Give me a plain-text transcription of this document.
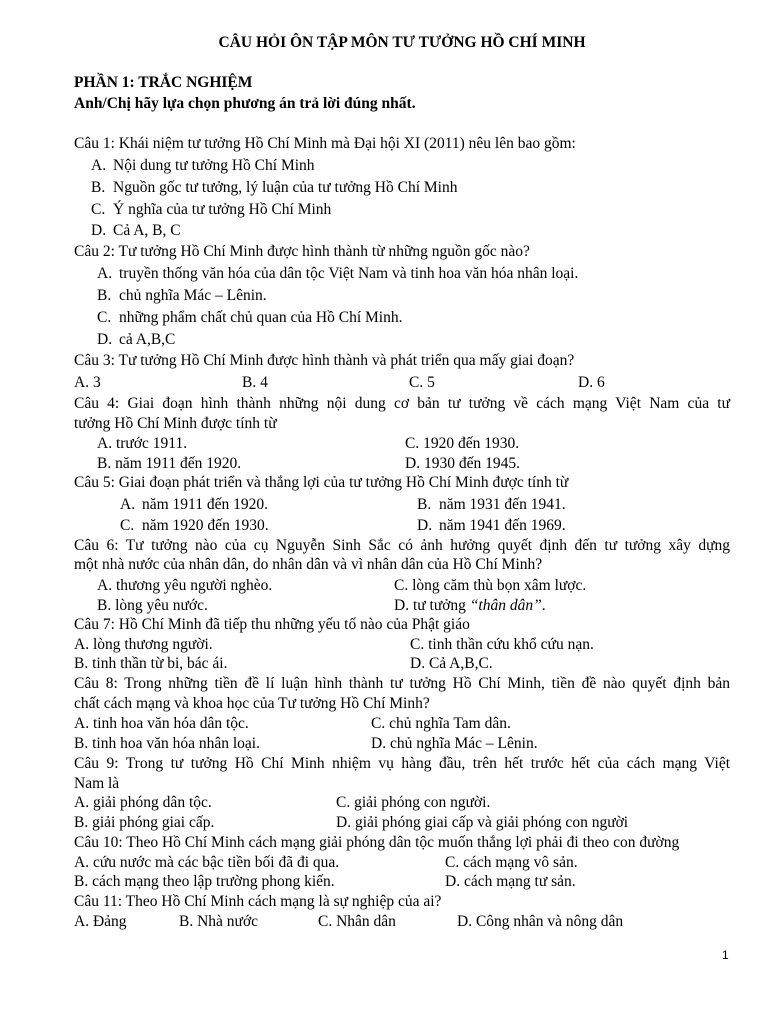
CÂU HỎI ÔN TẬP MÔN TƯ TƯỞNG HỒ CHÍ MINH
PHẦN 1: TRẮC NGHIỆM
Anh/Chị hãy lựa chọn phương án trả lời đúng nhất.
Câu 1: Khái niệm tư tưởng Hồ Chí Minh mà Đại hội XI (2011) nêu lên bao gồm:
A. Nội dung tư tưởng Hồ Chí Minh
B. Nguồn gốc tư tưởng, lý luận của tư tưởng Hồ Chí Minh
C. Ý nghĩa của tư tưởng Hồ Chí Minh
D. Cả A, B, C
Câu 2: Tư tưởng Hồ Chí Minh được hình thành từ những nguồn gốc nào?
A. truyền thống văn hóa của dân tộc Việt Nam và tinh hoa văn hóa nhân loại.
B. chủ nghĩa Mác – Lênin.
C. những phẩm chất chủ quan của Hồ Chí Minh.
D. cả A,B,C
Câu 3: Tư tưởng Hồ Chí Minh được hình thành và phát triển qua mấy giai đoạn?
A. 3	B. 4	C. 5	D. 6
Câu 4: Giai đoạn hình thành những nội dung cơ bản tư tưởng về cách mạng Việt Nam của tư
tưởng Hồ Chí Minh được tính từ
A. trước 1911.	C. 1920 đến 1930.
B. năm 1911 đến 1920.	D. 1930 đến 1945.
Câu 5: Giai đoạn phát triển và thắng lợi của tư tưởng Hồ Chí Minh được tính từ
A. năm 1911 đến 1920.	B. năm 1931 đến 1941.
C. năm 1920 đến 1930.	D. năm 1941 đến 1969.
Câu 6: Tư tưởng nào của cụ Nguyễn Sinh Sắc có ảnh hưởng quyết định đến tư tưởng xây dựng
một nhà nước của nhân dân, do nhân dân và vì nhân dân của Hồ Chí Minh?
A. thương yêu người nghèo.	C. lòng căm thù bọn xâm lược.
B. lòng yêu nước.	D. tư tưởng “thân dân”.
Câu 7: Hồ Chí Minh đã tiếp thu những yếu tố nào của Phật giáo
A. lòng thương người.	C. tinh thần cứu khổ cứu nạn.
B. tinh thần từ bi, bác ái.	D. Cả A,B,C.
Câu 8: Trong những tiền đề lí luận hình thành tư tưởng Hồ Chí Minh, tiền đề nào quyết định bản
chất cách mạng và khoa học của Tư tưởng Hồ Chí Minh?
A. tinh hoa văn hóa dân tộc.	C. chủ nghĩa Tam dân.
B. tinh hoa văn hóa nhân loại.	D. chủ nghĩa Mác – Lênin.
Câu 9: Trong tư tưởng Hồ Chí Minh nhiệm vụ hàng đầu, trên hết trước hết của cách mạng Việt
Nam là
A. giải phóng dân tộc.	C. giải phóng con người.
B. giải phóng giai cấp.	D. giải phóng giai cấp và giải phóng con người
Câu 10: Theo Hồ Chí Minh cách mạng giải phóng dân tộc muốn thắng lợi phải đi theo con đường
A. cứu nước mà các bậc tiền bối đã đi qua.	C. cách mạng vô sản.
B. cách mạng theo lập trường phong kiến.	D. cách mạng tư sản.
Câu 11: Theo Hồ Chí Minh cách mạng là sự nghiệp của ai?
A. Đảng	B. Nhà nước	C. Nhân dân	D. Công nhân và nông dân
1
